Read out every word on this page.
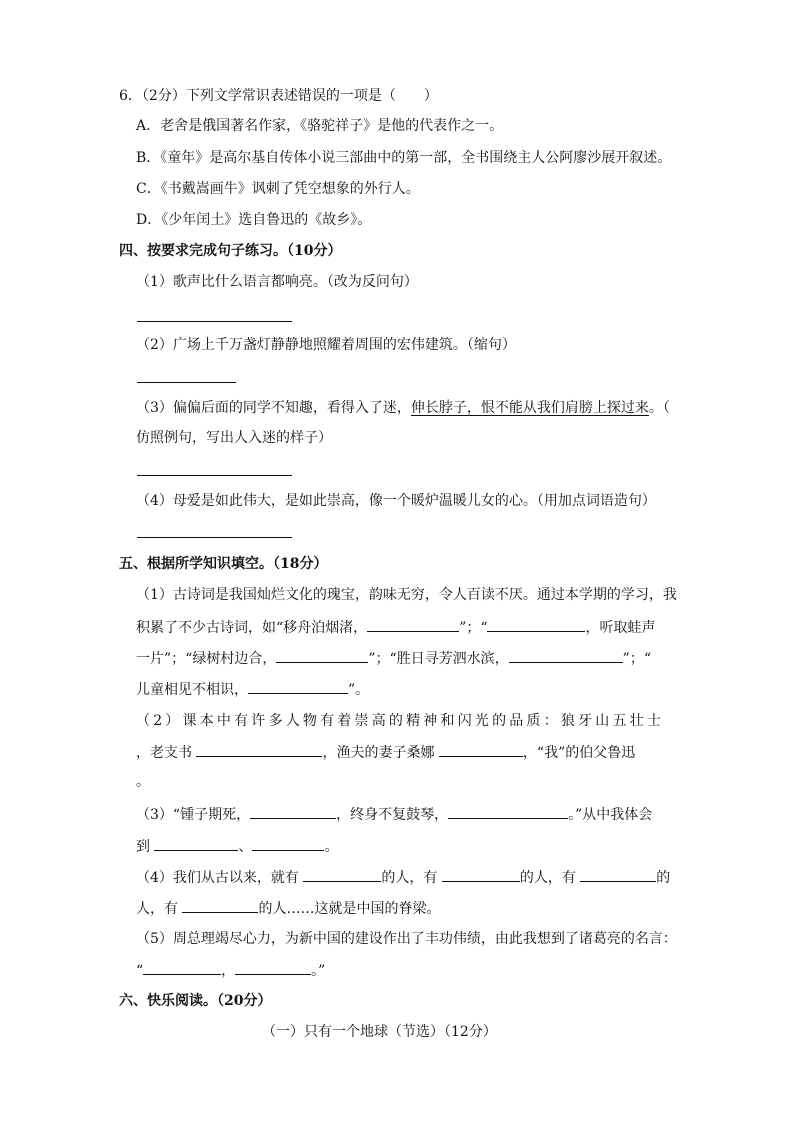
6．（2分）下列文学常识表述错误的一项是（　　）
A．老舍是俄国著名作家，《骆驼祥子》是他的代表作之一。
B．《童年》是高尔基自传体小说三部曲中的第一部，全书围绕主人公阿廖沙展开叙述。
C．《书戴嵩画牛》讽刺了凭空想象的外行人。
D．《少年闰土》选自鲁迅的《故乡》。
四、按要求完成句子练习。（10分）
（1）歌声比什么语言都响亮。（改为反问句）
（2）广场上千万盏灯静静地照耀着周围的宏伟建筑。（缩句）
（3）偏偏后面的同学不知趣，看得入了迷，伸长脖子，恨不能从我们肩膀上探过来。（
仿照例句，写出人入迷的样子）
（4）母爱是如此伟大，是如此崇高，像一个暖炉温暖儿女的心。（用加点词语造句）
五、根据所学知识填空。（18分）
（1）古诗词是我国灿烂文化的瑰宝，韵味无穷，令人百读不厌。通过本学期的学习，我
积累了不少古诗词，如“移舟泊烟渚，	”；“	，听取蛙声
一片”；“绿树村边合，	”；“胜日寻芳泗水滨，	”；“
儿童相见不相识，	”。
（2）课本中有许多人物有着崇高的精神和闪光的品质：狼牙山五壮士
，老支书	，渔夫的妻子桑娜	，“我”的伯父鲁迅
。
（3）“锺子期死，	，终身不复鼓琴，	。”从中我体会
到	、	。
（4）我们从古以来，就有	的人，有	的人，有	的
人，有	的人……这就是中国的脊梁。
（5）周总理竭尽心力，为新中国的建设作出了丰功伟绩，由此我想到了诸葛亮的名言：
“	，	。”
六、快乐阅读。（20分）
（一）只有一个地球（节选）（12分）
